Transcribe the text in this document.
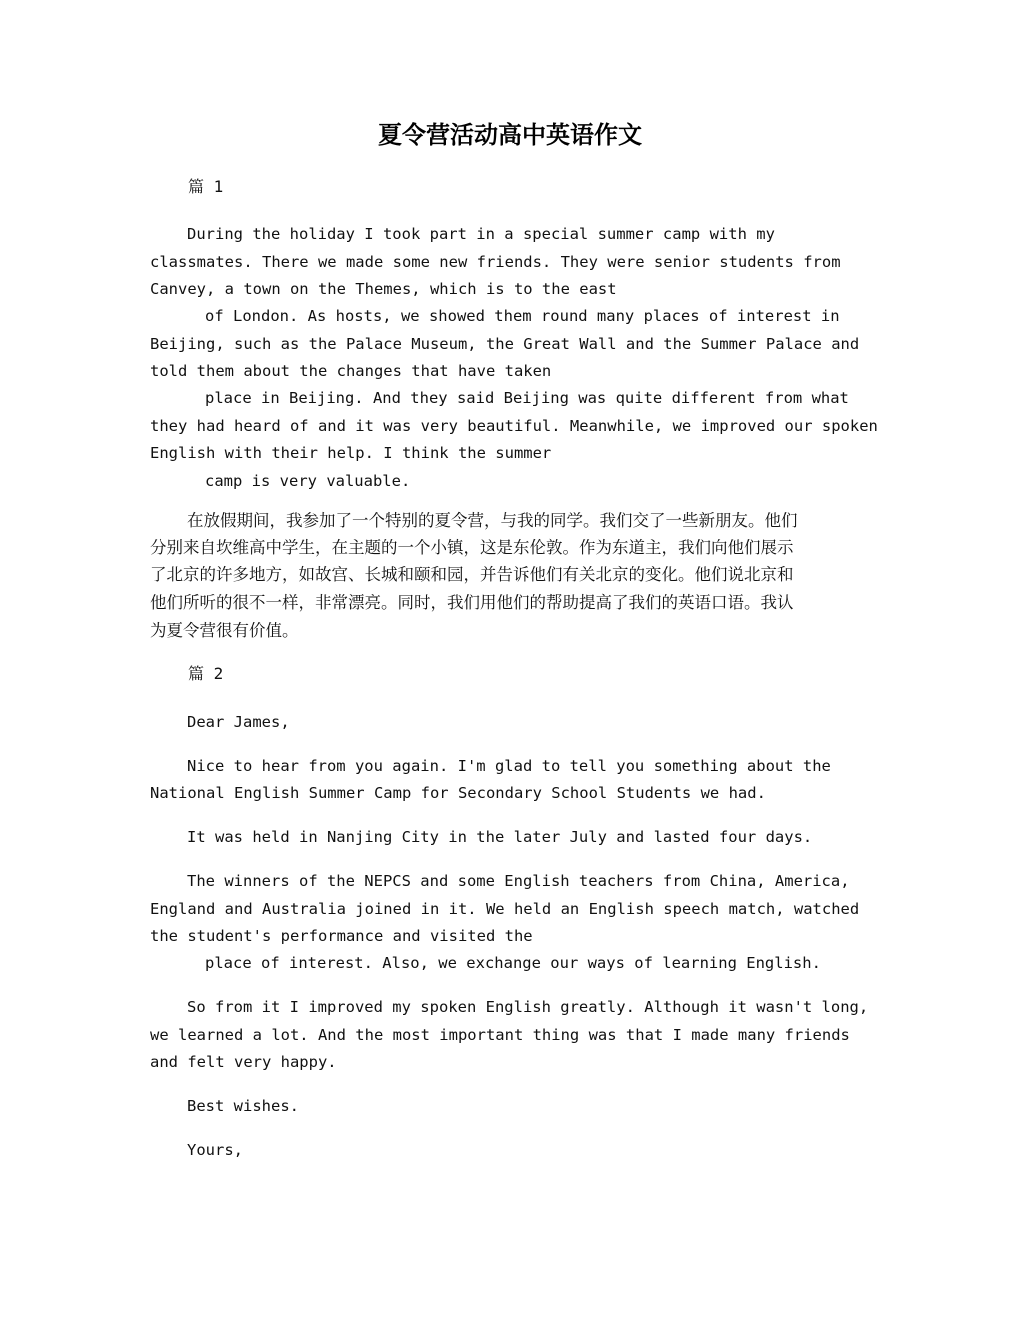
夏令营活动高中英语作文
篇 1
During the holiday I took part in a special summer camp with my
classmates. There we made some new friends. They were senior students from
Canvey, a town on the Themes, which is to the east
of London. As hosts, we showed them round many places of interest in
Beijing, such as the Palace Museum, the Great Wall and the Summer Palace and
told them about the changes that have taken
place in Beijing. And they said Beijing was quite different from what
they had heard of and it was very beautiful. Meanwhile, we improved our spoken
English with their help. I think the summer
camp is very valuable.
在放假期间，我参加了一个特别的夏令营，与我的同学。我们交了一些新朋友。他们
分别来自坎维高中学生，在主题的一个小镇，这是东伦敦。作为东道主，我们向他们展示
了北京的许多地方，如故宫、长城和颐和园，并告诉他们有关北京的变化。他们说北京和
他们所听的很不一样，非常漂亮。同时，我们用他们的帮助提高了我们的英语口语。我认
为夏令营很有价值。
篇 2
Dear James,
Nice to hear from you again. I'm glad to tell you something about the
National English Summer Camp for Secondary School Students we had.
It was held in Nanjing City in the later July and lasted four days.
The winners of the NEPCS and some English teachers from China, America,
England and Australia joined in it. We held an English speech match, watched
the student's performance and visited the
place of interest. Also, we exchange our ways of learning English.
So from it I improved my spoken English greatly. Although it wasn't long,
we learned a lot. And the most important thing was that I made many friends
and felt very happy.
Best wishes.
Yours,
